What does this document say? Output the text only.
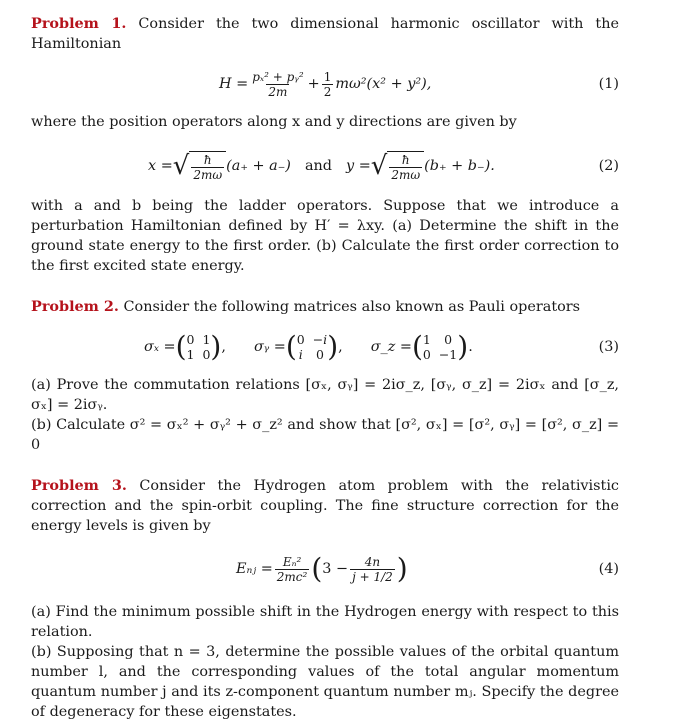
Problem 1. Consider the two dimensional harmonic oscillator with the Hamiltonian

$H = \frac{\text{pₓ² + pᵧ²}}{2m} + \frac{1}{2} m\omega^2(x^2 + y^2)$,	(1)

where the position operators along x and y directions are given by

x = √ $\frac{ħ}{2m\omega} (a_+ + a_-)$ and y = √ $\frac{ħ}{2m\omega} (b_+ + b_-)$.	(2)

with a and b being the ladder operators. Suppose that we introduce a perturbation Hamiltonian defined by H′ = λxy. (a) Determine the shift in the ground state energy to the first order. (b) Calculate the first order correction to the first excited state energy.

Problem 2. Consider the following matrices also known as Pauli operators

σₓ = ( 0 1
1 0 ) , σᵧ = ( 0 −i
i 0 ) , σ_z = ( 1	0
0 −1 ) .	(3)

(a) Prove the commutation relations [σₓ, σᵧ] = 2iσ_z, [σᵧ, σ_z] = 2iσₓ and [σ_z, σₓ] = 2iσᵧ.

(b) Calculate σ² = σₓ² + σᵧ² + σ_z² and show that [σ², σₓ] = [σ², σᵧ] = [σ², σ_z] = 0

Problem 3. Consider the Hydrogen atom problem with the relativistic correction and the spin-orbit coupling. The fine structure correction for the energy levels is given by

Eₙⱼ = $\frac{\text{Eₙ²}}{\text{2mc²}}$ ( $3 - \frac{4n}{j + 1/2}$ )	(4)

(a) Find the minimum possible shift in the Hydrogen energy with respect to this relation.

(b) Supposing that n = 3, determine the possible values of the orbital quantum number l, and the corresponding values of the total angular momentum quantum number j and its z-component quantum number mⱼ. Specify the degree of degeneracy for these eigenstates.
